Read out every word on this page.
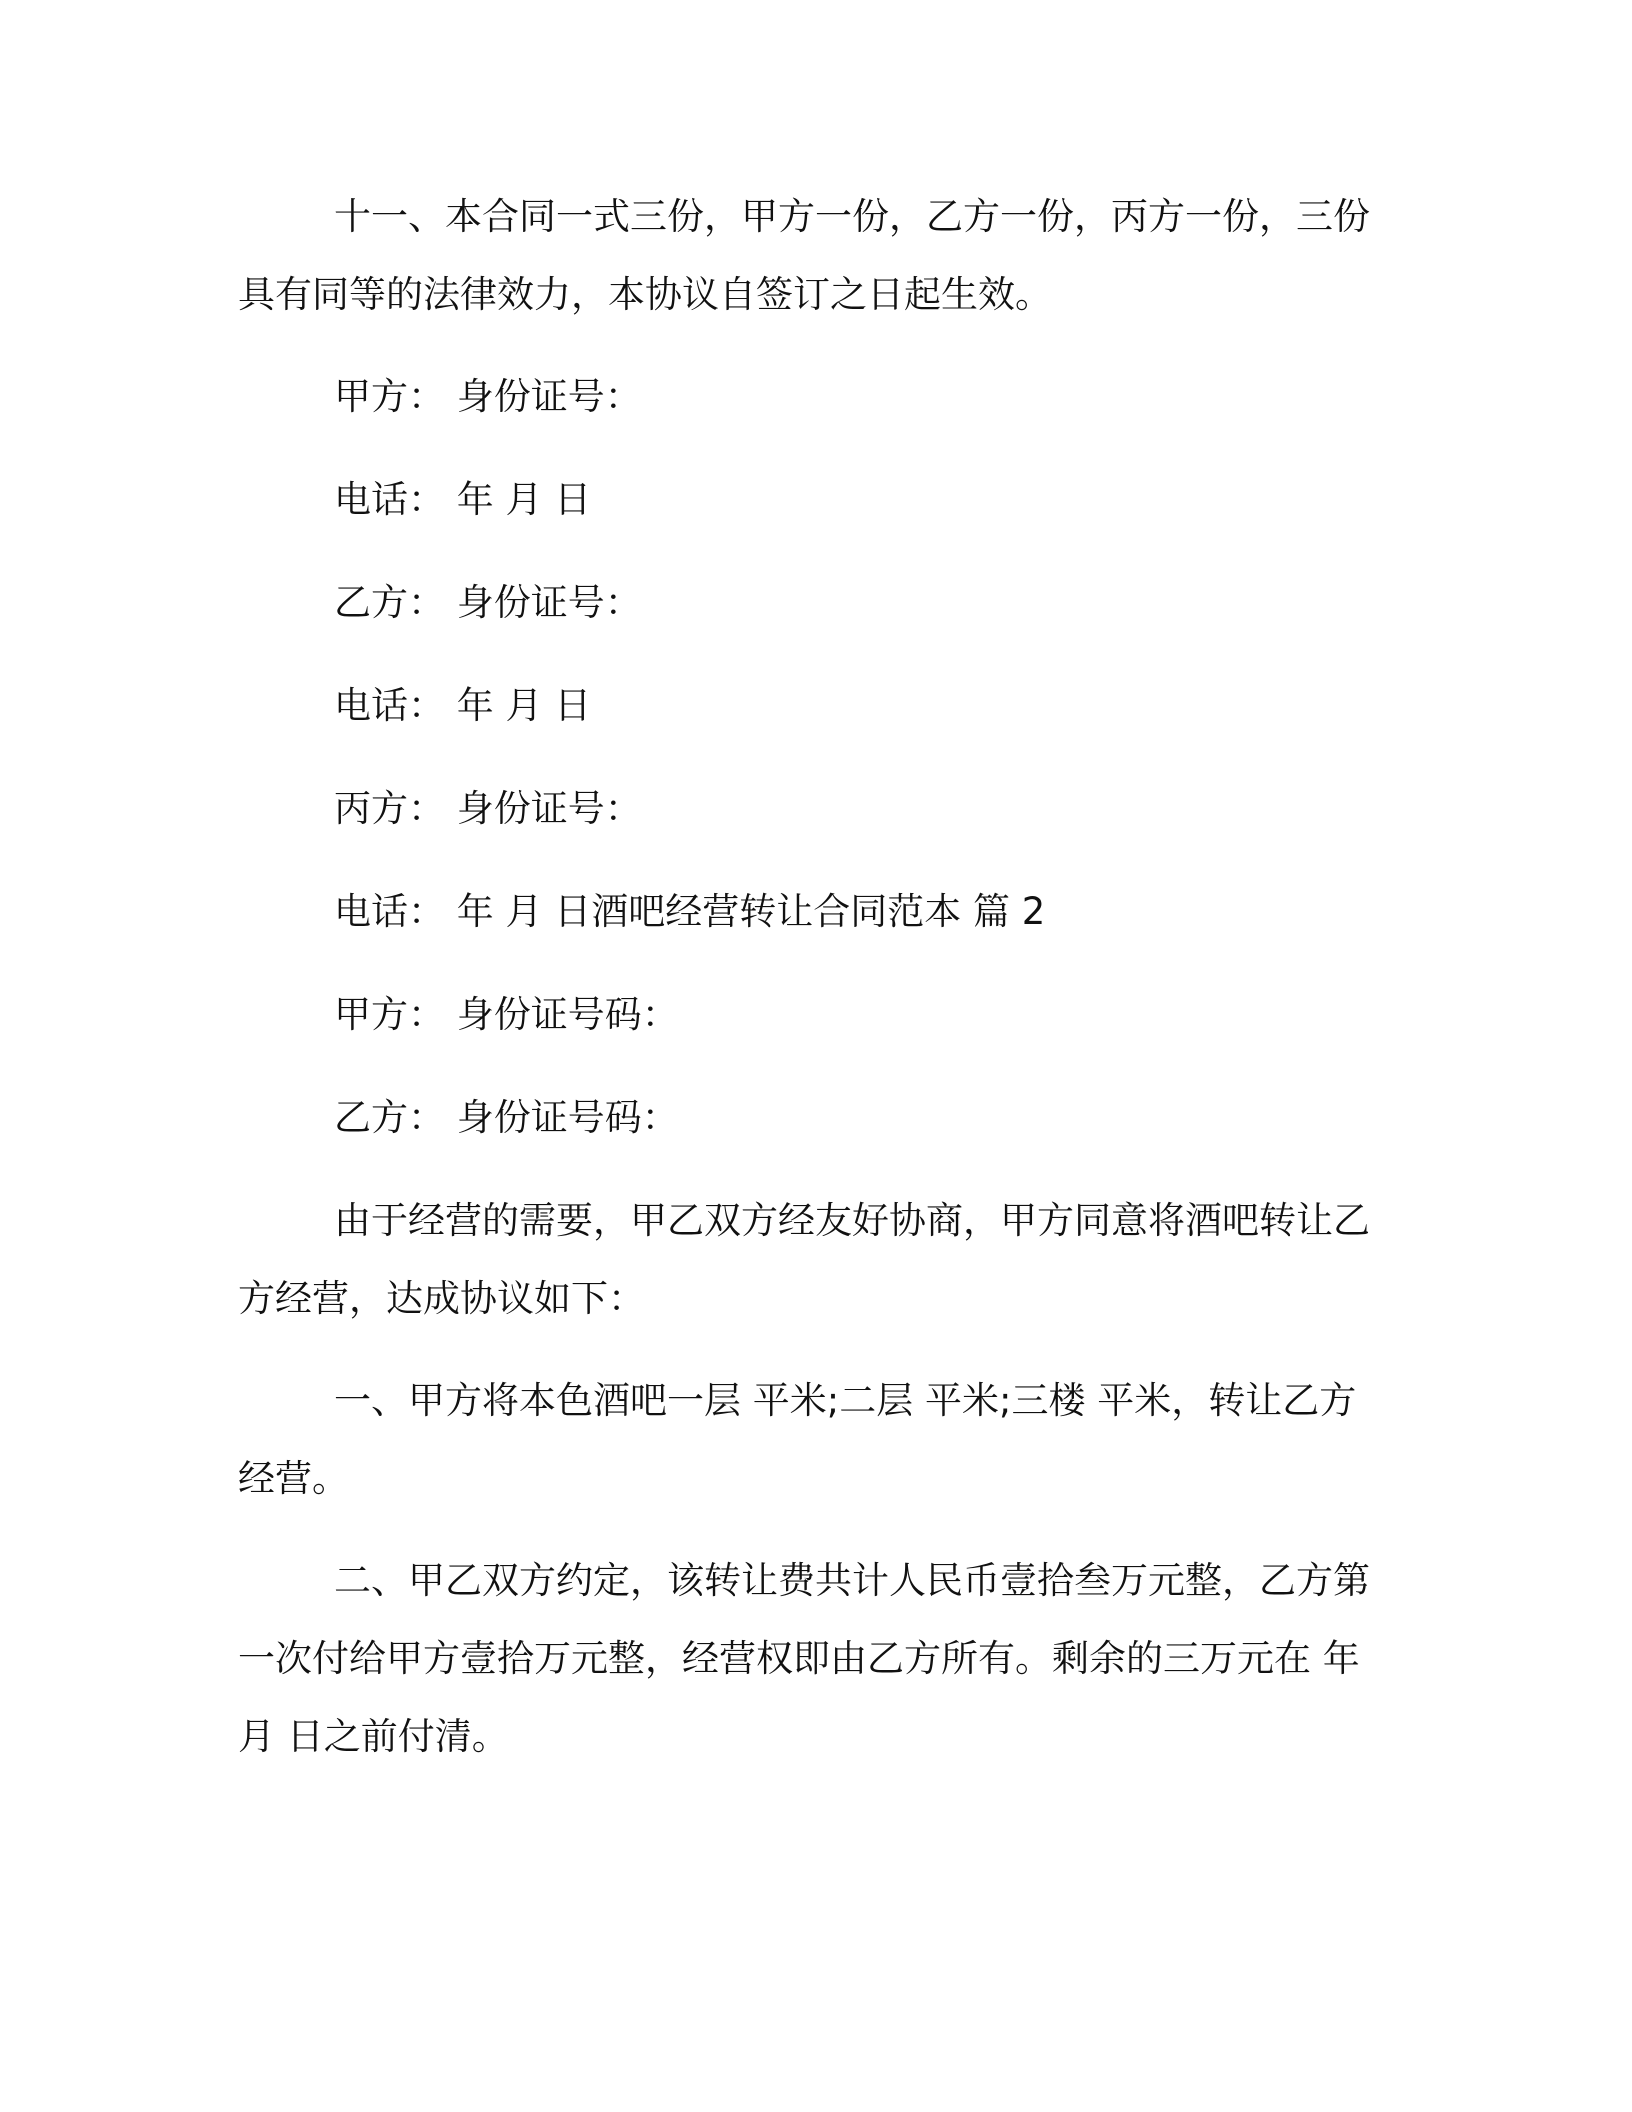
十一、本合同一式三份，甲方一份，乙方一份，丙方一份，三份
具有同等的法律效力，本协议自签订之日起生效。

甲方： 身份证号：

电话： 年 月 日

乙方： 身份证号：

电话： 年 月 日

丙方： 身份证号：

电话： 年 月 日酒吧经营转让合同范本 篇 2

甲方： 身份证号码：

乙方： 身份证号码：

由于经营的需要，甲乙双方经友好协商，甲方同意将酒吧转让乙
方经营，达成协议如下：

一、甲方将本色酒吧一层 平米;二层 平米;三楼 平米，转让乙方
经营。

二、甲乙双方约定，该转让费共计人民币壹拾叁万元整，乙方第
一次付给甲方壹拾万元整，经营权即由乙方所有。剩余的三万元在 年
月 日之前付清。
